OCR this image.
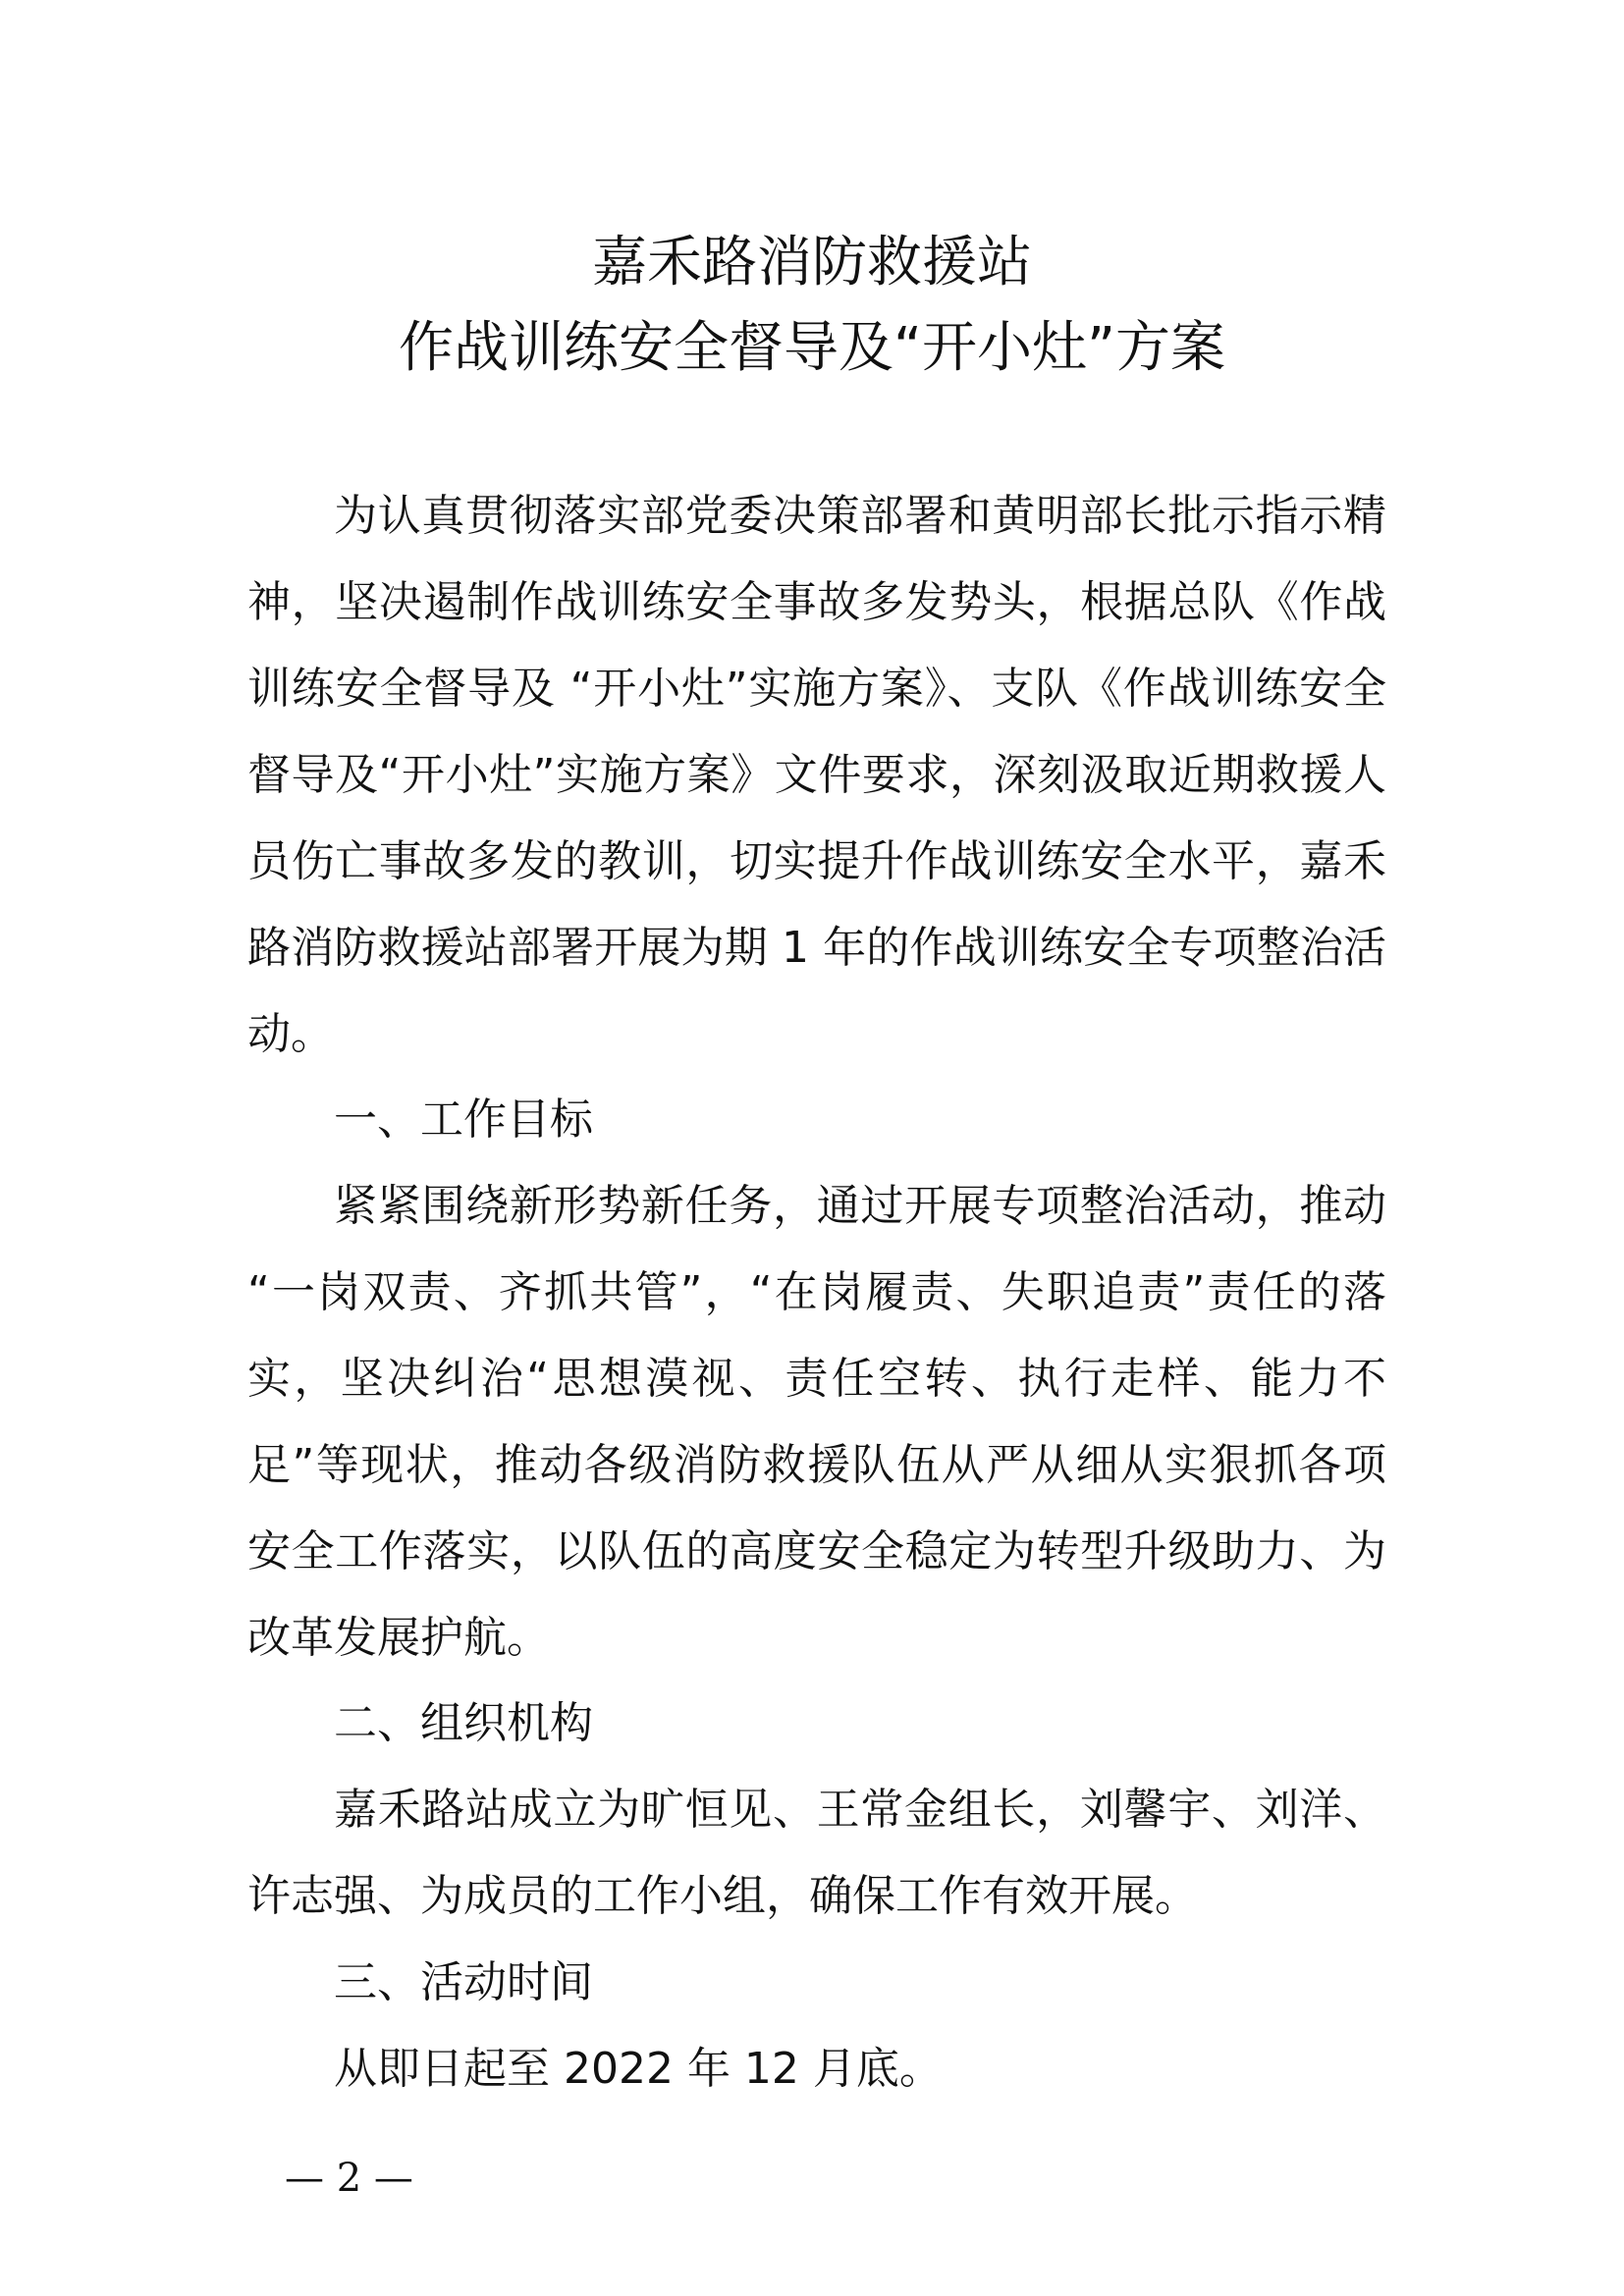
嘉禾路消防救援站
作战训练安全督导及“开小灶”方案

为认真贯彻落实部党委决策部署和黄明部长批示指示精神，坚决遏制作战训练安全事故多发势头，根据总队《作战训练安全督导及 “开小灶”实施方案》、支队《作战训练安全督导及“开小灶”实施方案》文件要求，深刻汲取近期救援人员伤亡事故多发的教训，切实提升作战训练安全水平，嘉禾路消防救援站部署开展为期 1 年的作战训练安全专项整治活动。

一、工作目标

紧紧围绕新形势新任务，通过开展专项整治活动，推动 “一岗双责、齐抓共管”，“在岗履责、失职追责”责任的落实，坚决纠治“思想漠视、责任空转、执行走样、能力不足”等现状，推动各级消防救援队伍从严从细从实狠抓各项安全工作落实，以队伍的高度安全稳定为转型升级助力、为改革发展护航。

二、组织机构

嘉禾路站成立为旷恒见、王常金组长，刘馨宇、刘洋、许志强、为成员的工作小组，确保工作有效开展。

三、活动时间

从即日起至 2022 年 12 月底。

— 2 —
